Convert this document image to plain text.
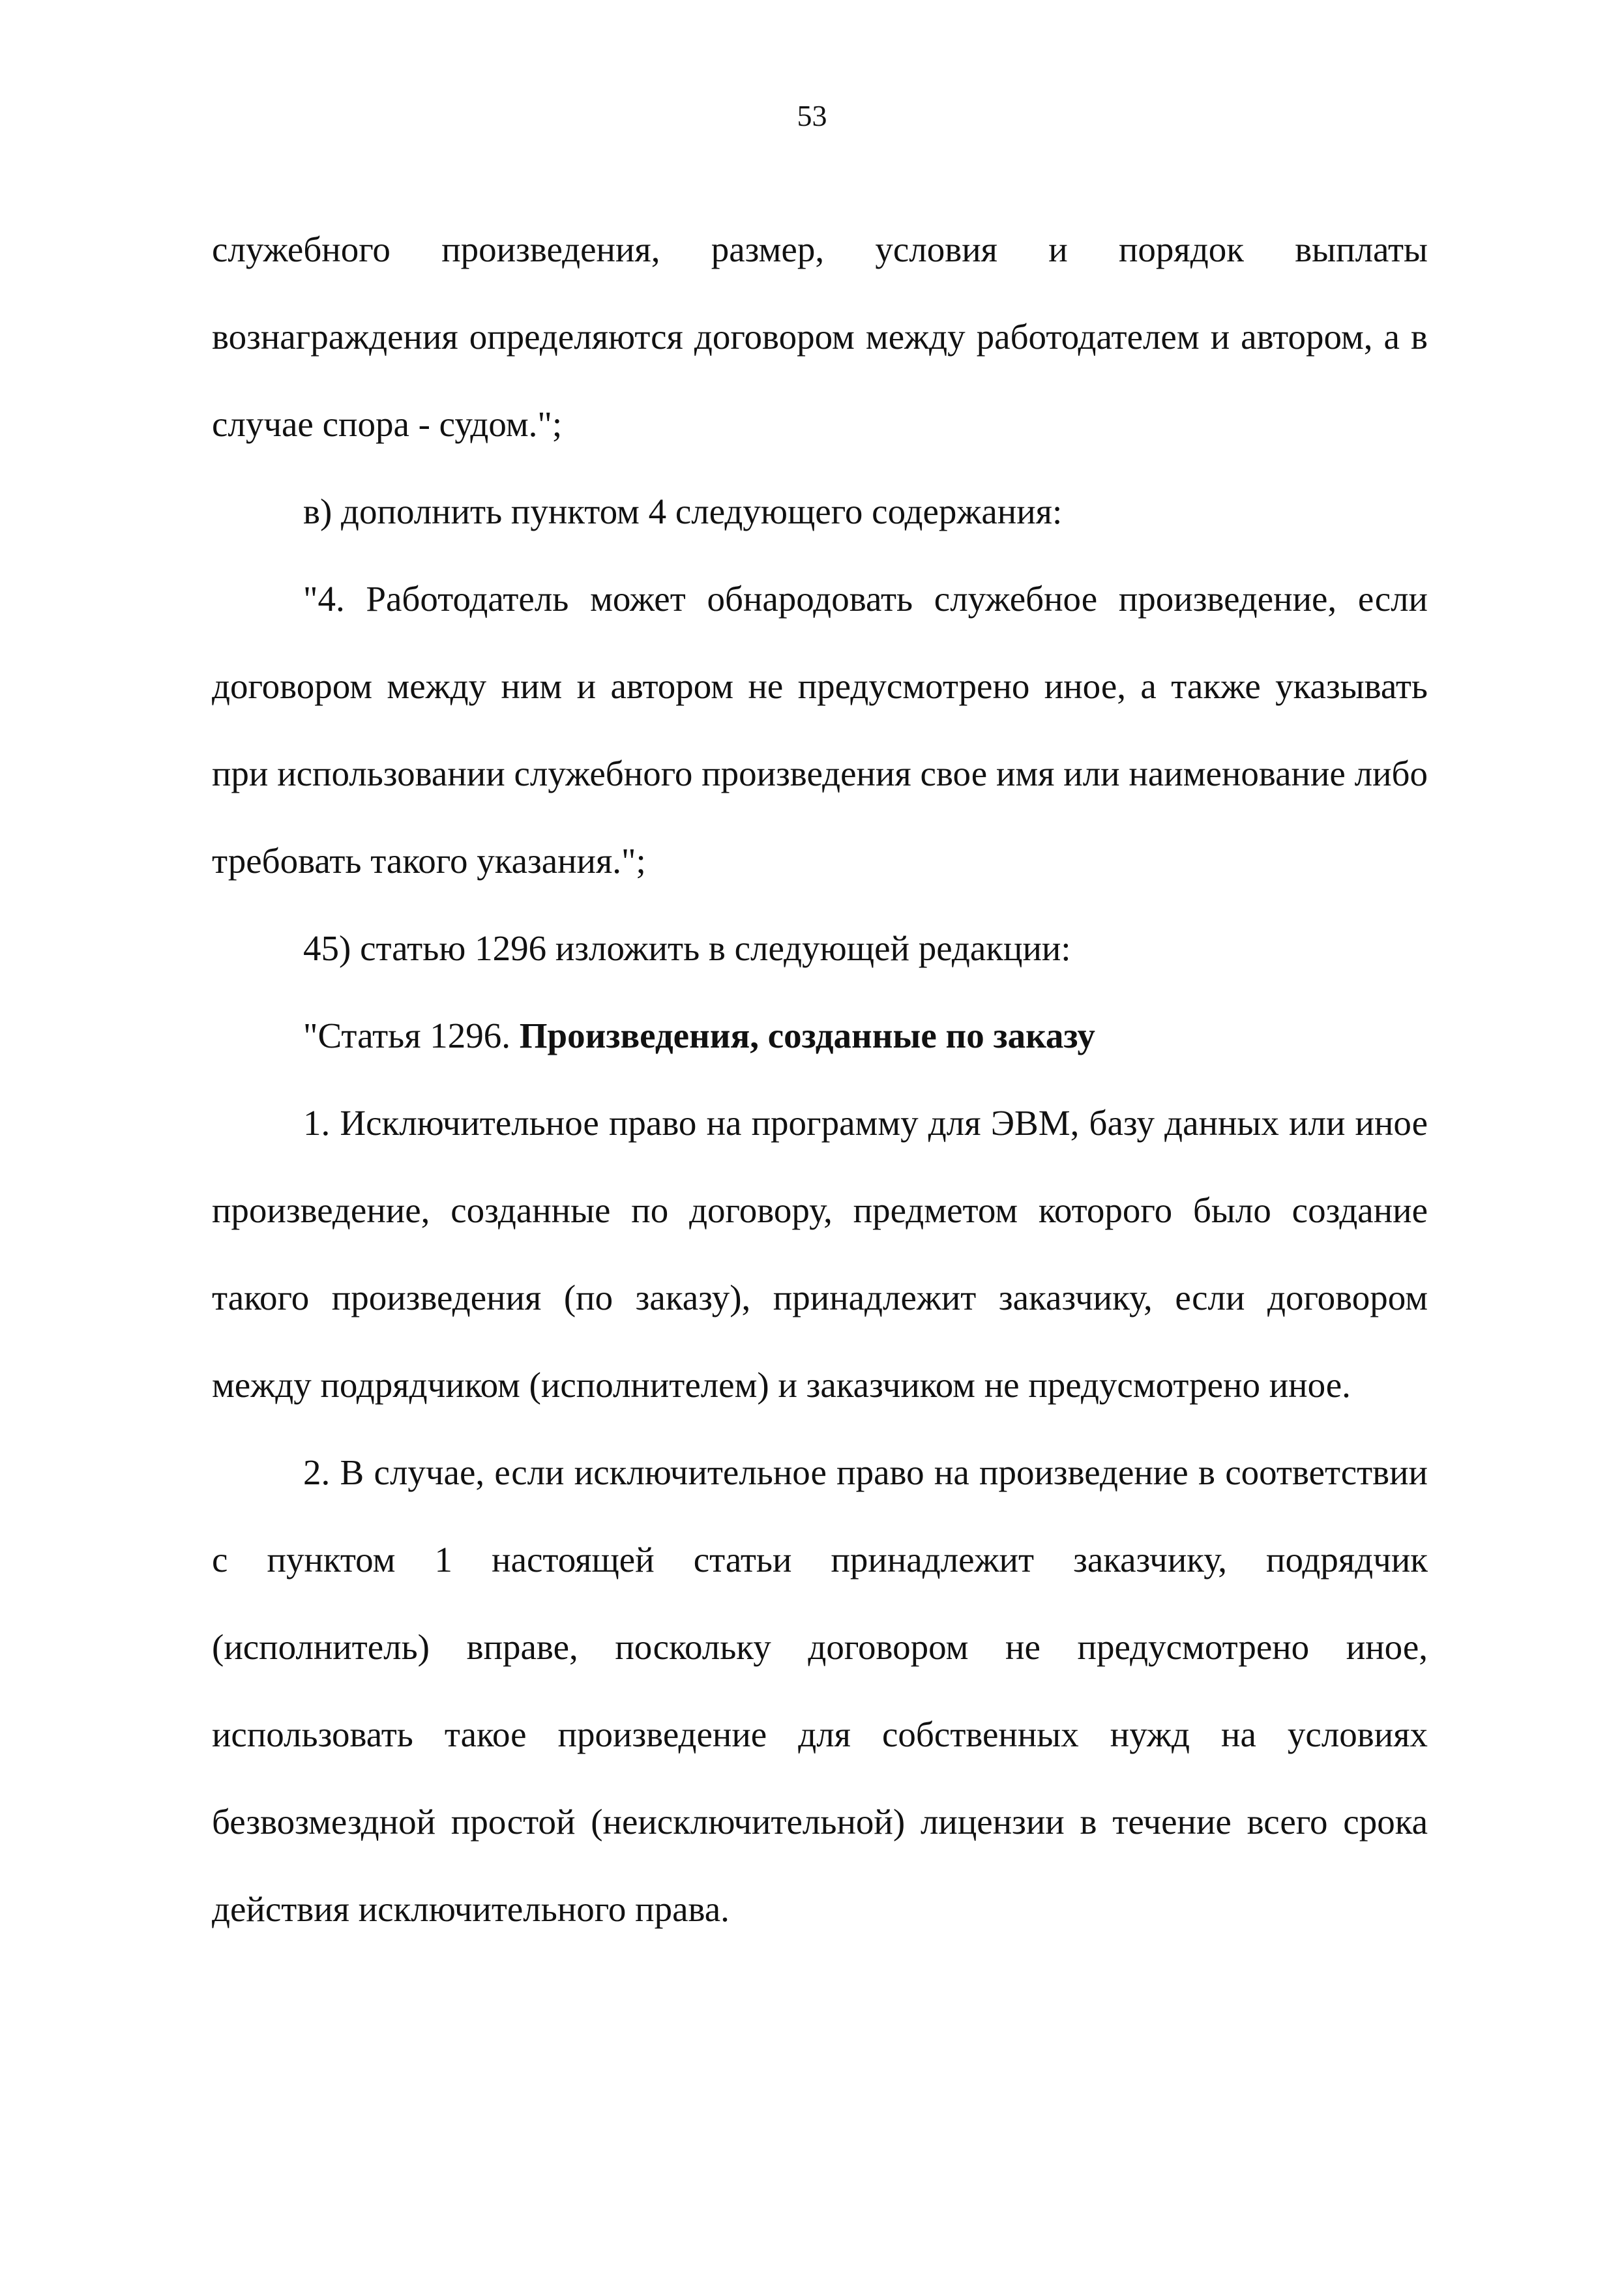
53

служебного произведения, размер, условия и порядок выплаты вознаграждения определяются договором между работодателем и автором, а в случае спора - судом.";

в) дополнить пунктом 4 следующего содержания:

"4. Работодатель может обнародовать служебное произведение, если договором между ним и автором не предусмотрено иное, а также указывать при использовании служебного произведения свое имя или наименование либо требовать такого указания.";

45) статью 1296 изложить в следующей редакции:

"Статья 1296. Произведения, созданные по заказу

1. Исключительное право на программу для ЭВМ, базу данных или иное произведение, созданные по договору, предметом которого было создание такого произведения (по заказу), принадлежит заказчику, если договором между подрядчиком (исполнителем) и заказчиком не предусмотрено иное.

2. В случае, если исключительное право на произведение в соответствии с пунктом 1 настоящей статьи принадлежит заказчику, подрядчик (исполнитель) вправе, поскольку договором не предусмотрено иное, использовать такое произведение для собственных нужд на условиях безвозмездной простой (неисключительной) лицензии в течение всего срока действия исключительного права.
